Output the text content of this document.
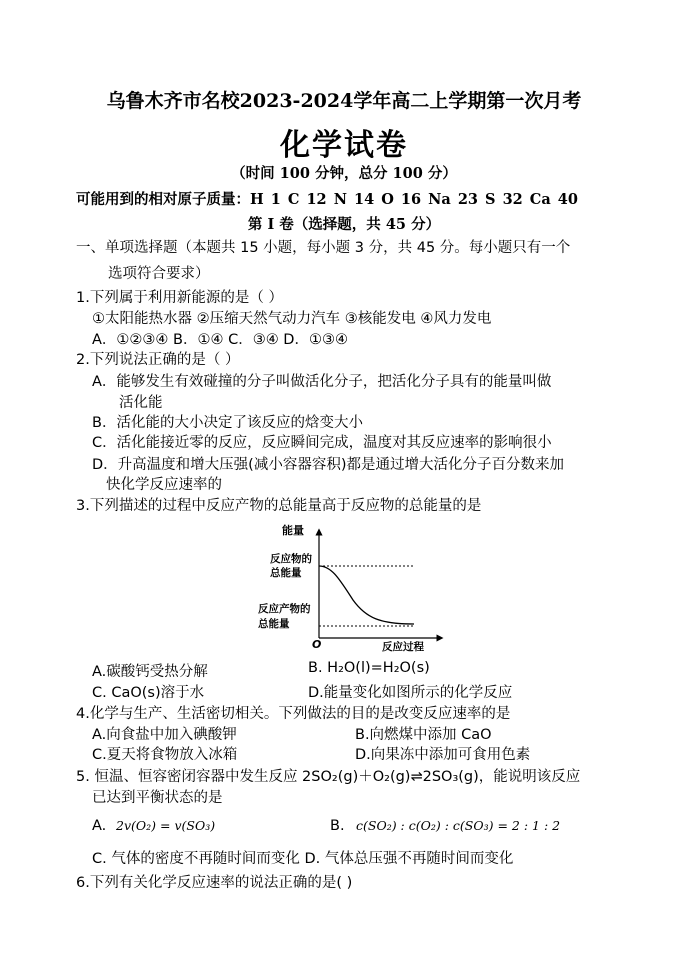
乌鲁木齐市名校2023-2024学年高二上学期第一次月考
化学试卷
（时间 100 分钟，总分 100 分）
可能用到的相对原子质量：H 1 C 12 N 14 O 16 Na 23 S 32 Ca 40
第 I 卷（选择题，共 45 分）
一、单项选择题（本题共 15 小题，每小题 3 分，共 45 分。每小题只有一个
选项符合要求）
1.下列属于利用新能源的是（ ）
①太阳能热水器 ②压缩天然气动力汽车 ③核能发电 ④风力发电
A．①②③④ B．①④ C．③④ D．①③④
2.下列说法正确的是（ ）
A．能够发生有效碰撞的分子叫做活化分子，把活化分子具有的能量叫做
活化能
B．活化能的大小决定了该反应的焓变大小
C．活化能接近零的反应，反应瞬间完成，温度对其反应速率的影响很小
D．升高温度和增大压强(减小容器容积)都是通过增大活化分子百分数来加
快化学反应速率的
3.下列描述的过程中反应产物的总能量高于反应物的总能量的是
能量
反应物的
总能量
反应产物的
总能量
O	反应过程
A.碳酸钙受热分解	B. H₂O(l)=H₂O(s)
C. CaO(s)溶于水	D.能量变化如图所示的化学反应
4.化学与生产、生活密切相关。下列做法的目的是改变反应速率的是
A.向食盐中加入碘酸钾	B.向燃煤中添加 CaO
C.夏天将食物放入冰箱	D.向果冻中添加可食用色素
5. 恒温、恒容密闭容器中发生反应 2SO₂(g)＋O₂(g)⇌2SO₃(g)，能说明该反应
已达到平衡状态的是
A. 2v(O₂) = v(SO₃)	B. c(SO₂) : c(O₂) : c(SO₃) = 2 : 1 : 2
C. 气体的密度不再随时间而变化 D. 气体总压强不再随时间而变化
6.下列有关化学反应速率的说法正确的是( )
